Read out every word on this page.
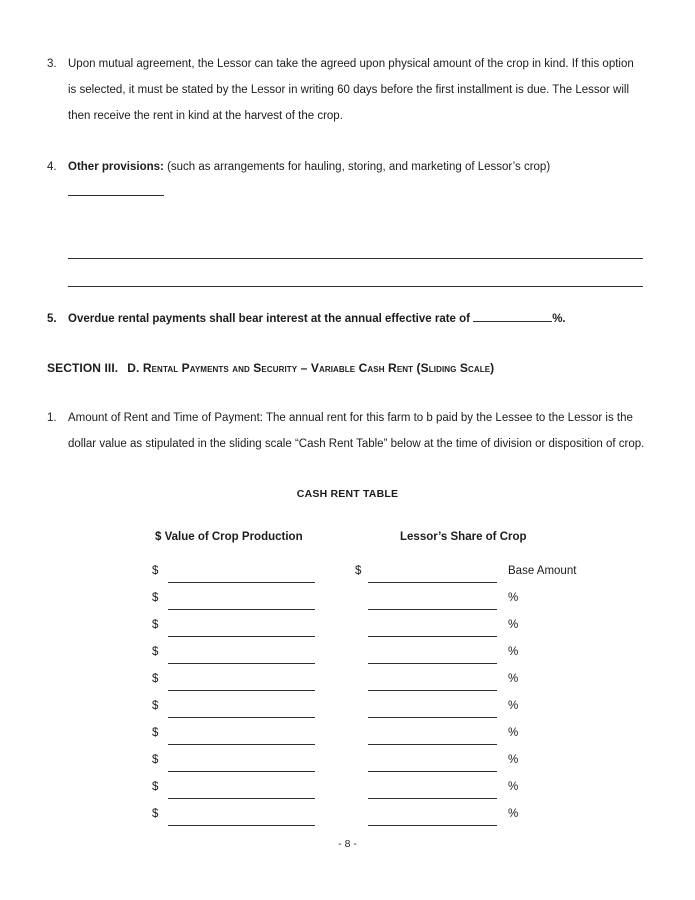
3. Upon mutual agreement, the Lessor can take the agreed upon physical amount of the crop in kind. If this option is selected, it must be stated by the Lessor in writing 60 days before the first installment is due. The Lessor will then receive the rent in kind at the harvest of the crop.
4. Other provisions: (such as arrangements for hauling, storing, and marketing of Lessor’s crop)
5. Overdue rental payments shall bear interest at the annual effective rate of	%.
SECTION III. D. Rental Payments and Security – Variable Cash Rent (Sliding Scale)
1. Amount of Rent and Time of Payment: The annual rent for this farm to b paid by the Lessee to the Lessor is the dollar value as stipulated in the sliding scale “Cash Rent Table” below at the time of division or disposition of crop.
CASH RENT TABLE
$ Value of Crop Production	Lessor’s Share of Crop
$	$	Base Amount
$	%
$	%
$	%
$	%
$	%
$	%
$	%
$	%
$	%
- 8 -
